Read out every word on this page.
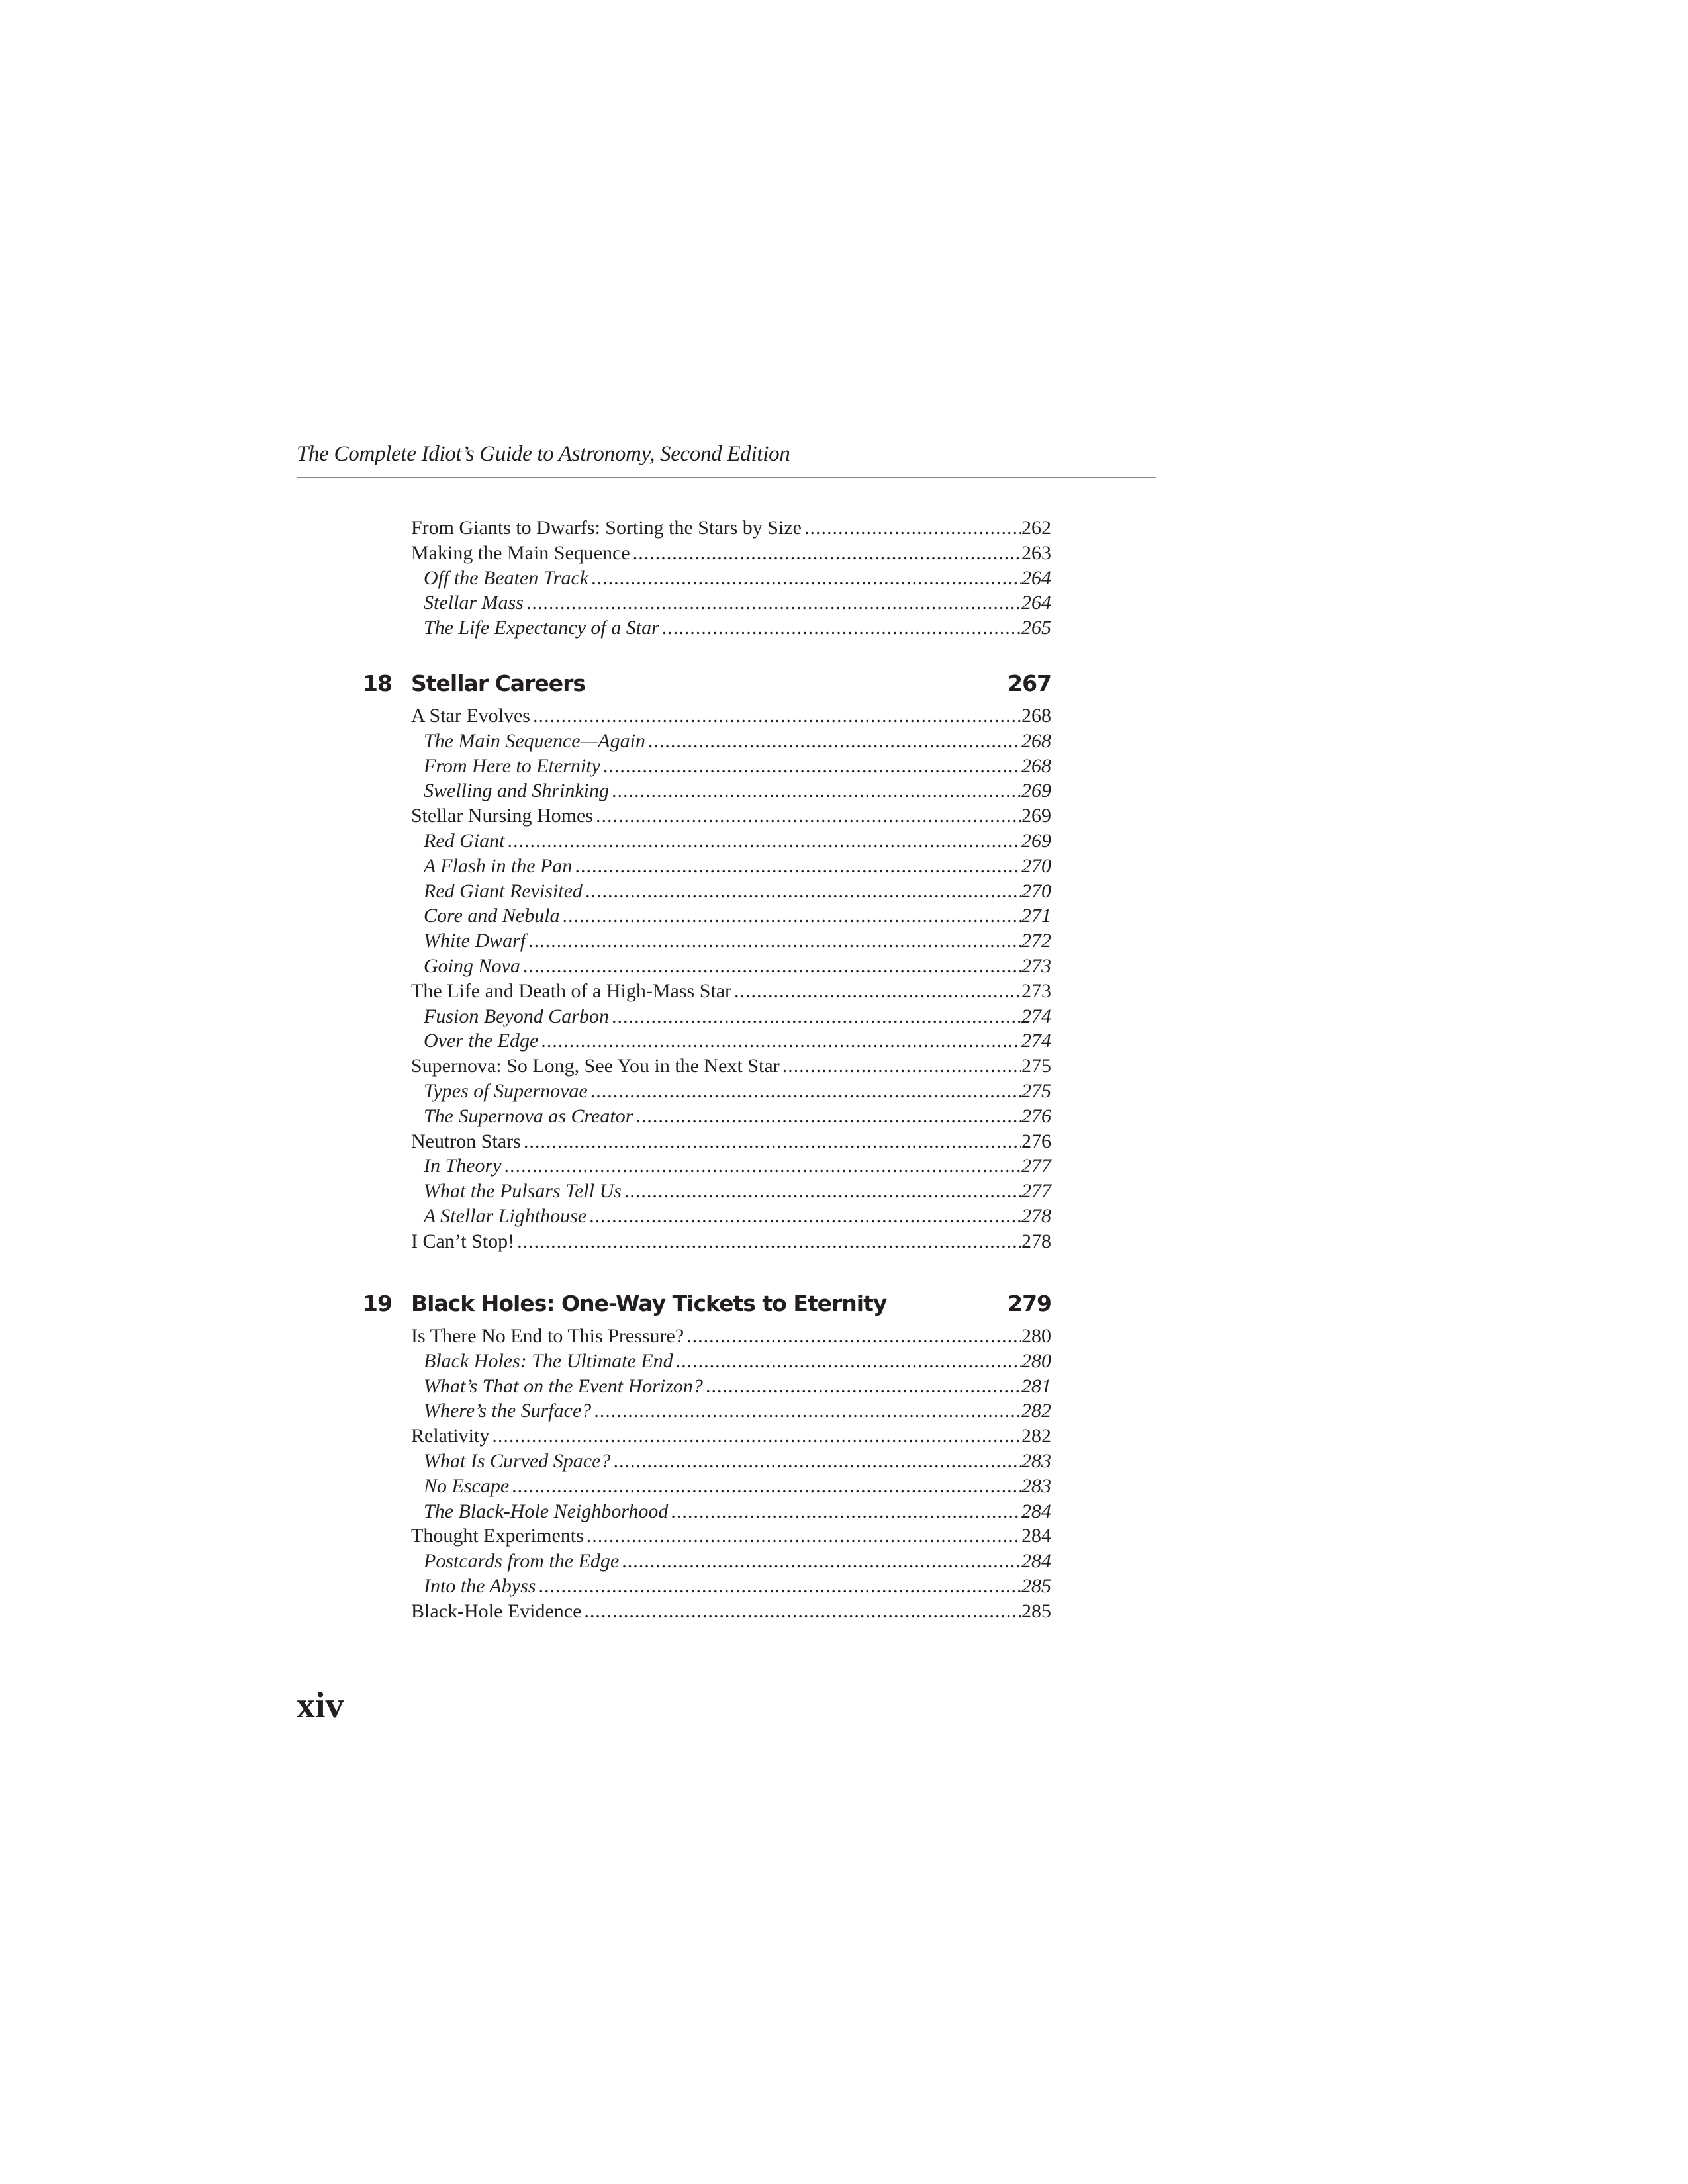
The Complete Idiot’s Guide to Astronomy, Second Edition
From Giants to Dwarfs: Sorting the Stars by Size .....	262
Making the Main Sequence .....	263
Off the Beaten Track .....	264
Stellar Mass .....	264
The Life Expectancy of a Star .....	265
18 Stellar Careers	267
A Star Evolves .....	268
The Main Sequence—Again .....	268
From Here to Eternity .....	268
Swelling and Shrinking .....	269
Stellar Nursing Homes .....	269
Red Giant .....	269
A Flash in the Pan .....	270
Red Giant Revisited .....	270
Core and Nebula .....	271
White Dwarf .....	272
Going Nova .....	273
The Life and Death of a High-Mass Star .....	273
Fusion Beyond Carbon .....	274
Over the Edge .....	274
Supernova: So Long, See You in the Next Star .....	275
Types of Supernovae .....	275
The Supernova as Creator .....	276
Neutron Stars .....	276
In Theory .....	277
What the Pulsars Tell Us .....	277
A Stellar Lighthouse .....	278
I Can’t Stop! .....	278
19 Black Holes: One-Way Tickets to Eternity	279
Is There No End to This Pressure? .....	280
Black Holes: The Ultimate End .....	280
What’s That on the Event Horizon? .....	281
Where’s the Surface? .....	282
Relativity .....	282
What Is Curved Space? .....	283
No Escape .....	283
The Black-Hole Neighborhood .....	284
Thought Experiments .....	284
Postcards from the Edge .....	284
Into the Abyss .....	285
Black-Hole Evidence .....	285
xiv
